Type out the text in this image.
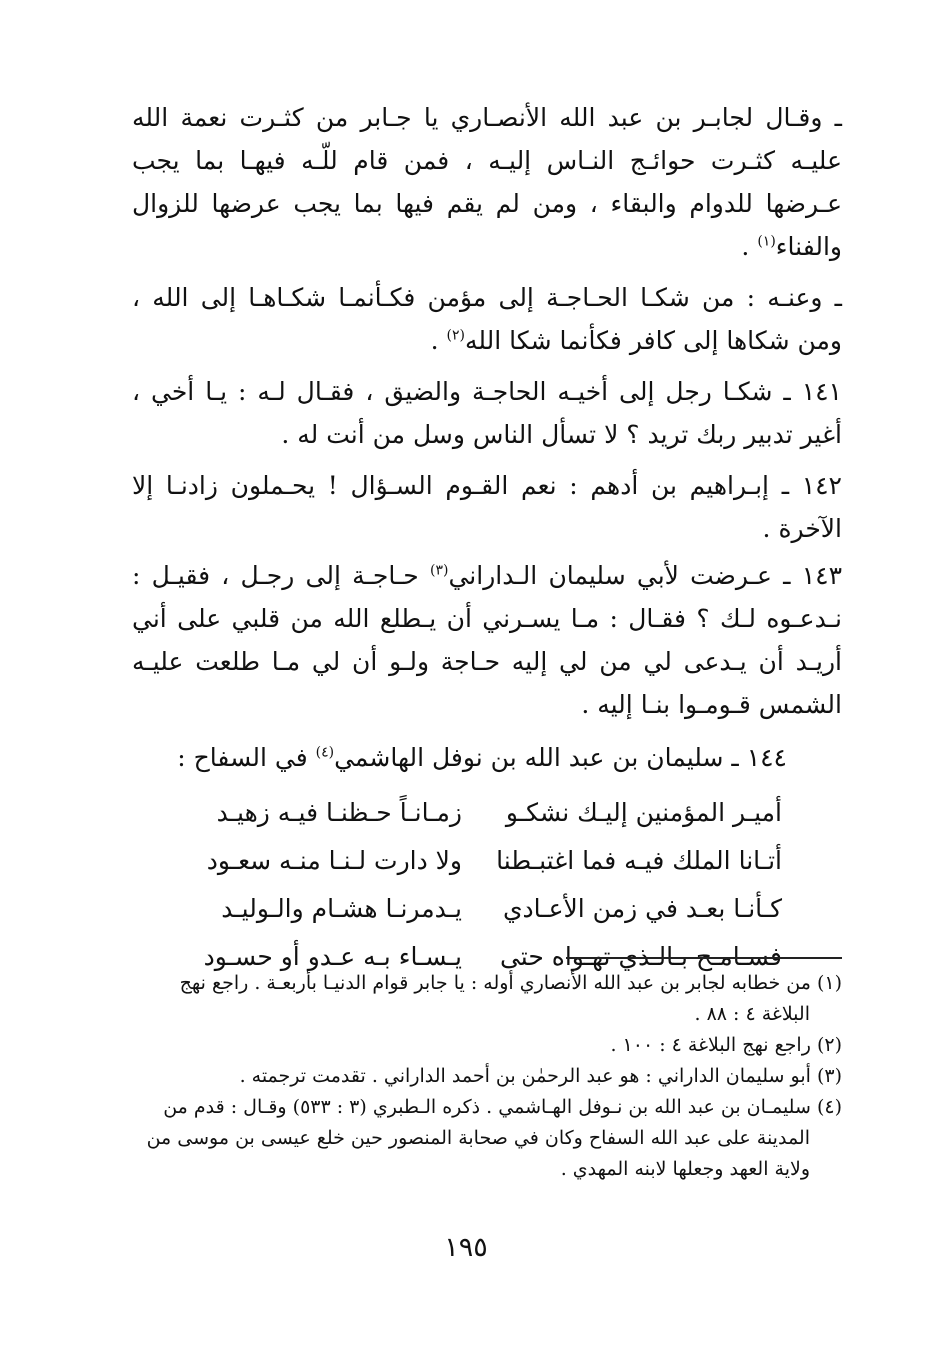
ـ وقـال لجابـر بن عبد الله الأنصـاري يا جـابر من كثـرت نعمة الله عليـه كثـرت حوائـج النـاس إليـه ، فمن قام للّـه فيهـا بما يجب عـرضها للدوام والبقاء ، ومن لم يقم فيها بما يجب عرضها للزوال والفناء$^{(١)}$ .

ـ وعنـه : من شكـا الحـاجـة إلى مؤمن فكـأنمـا شكـاهـا إلى الله ، ومن شكاها إلى كافر فكأنما شكا الله$^{(٢)}$ .

١٤١ ـ شكـا رجل إلى أخيـه الحاجـة والضيق ، فقـال لـه : يـا أخي ، أغير تدبير ربك تريد ؟ لا تسأل الناس وسل من أنت له .

١٤٢ ـ إبـراهيم بن أدهم : نعم القـوم السـؤال ! يحـملون زادنـا إلا الآخرة .

١٤٣ ـ عـرضت لأبي سليمان الـداراني$^{(٣)}$ حـاجـة إلى رجـل ، فقيـل : نـدعـوه لـك ؟ فقـال : مـا يسـرني أن يـطلع الله من قلبي على أني أريـد أن يـدعى لي من لي إليه حـاجة ولـو أن لي مـا طلعت عليـه الشمس قـومـوا بنـا إليه .

١٤٤ ـ سليمان بن عبد الله بن نوفل الهاشمي$^{(٤)}$ في السفاح :

أميـر المؤمنين إليـك نشكـو
زمـانـاً حـظنـا فيـه زهيـد
أتـانا الملك فيـه فما اغتبـطنا
ولا دارت لـنـا منـه سعـود
كـأنـا بعـد في زمن الأعـادي
يـدمرنـا هشـام والـوليـد
فسـامـح بـالـذي تهـواه حتى
يـسـاء بـه عـدو أو حسـود

(١) من خطابه لجابر بن عبد الله الأنصاري أوله : يا جابر قوام الدنيـا بأربعـة . راجع نهج
البلاغة ٤ : ٨٨ .

(٢) راجع نهج البلاغة ٤ : ١٠٠ .

(٣) أبو سليمان الداراني : هو عبد الرحمٰن بن أحمد الداراني . تقدمت ترجمته .

(٤) سليمـان بن عبد الله بن نـوفل الهـاشمي . ذكره الـطبري (٣ : ٥٣٣) وقـال : قدم من
المدينة على عبد الله السفاح وكان في صحابة المنصور حين خلع عيسى بن موسى من
ولاية العهد وجعلها لابنه المهدي .

١٩٥
